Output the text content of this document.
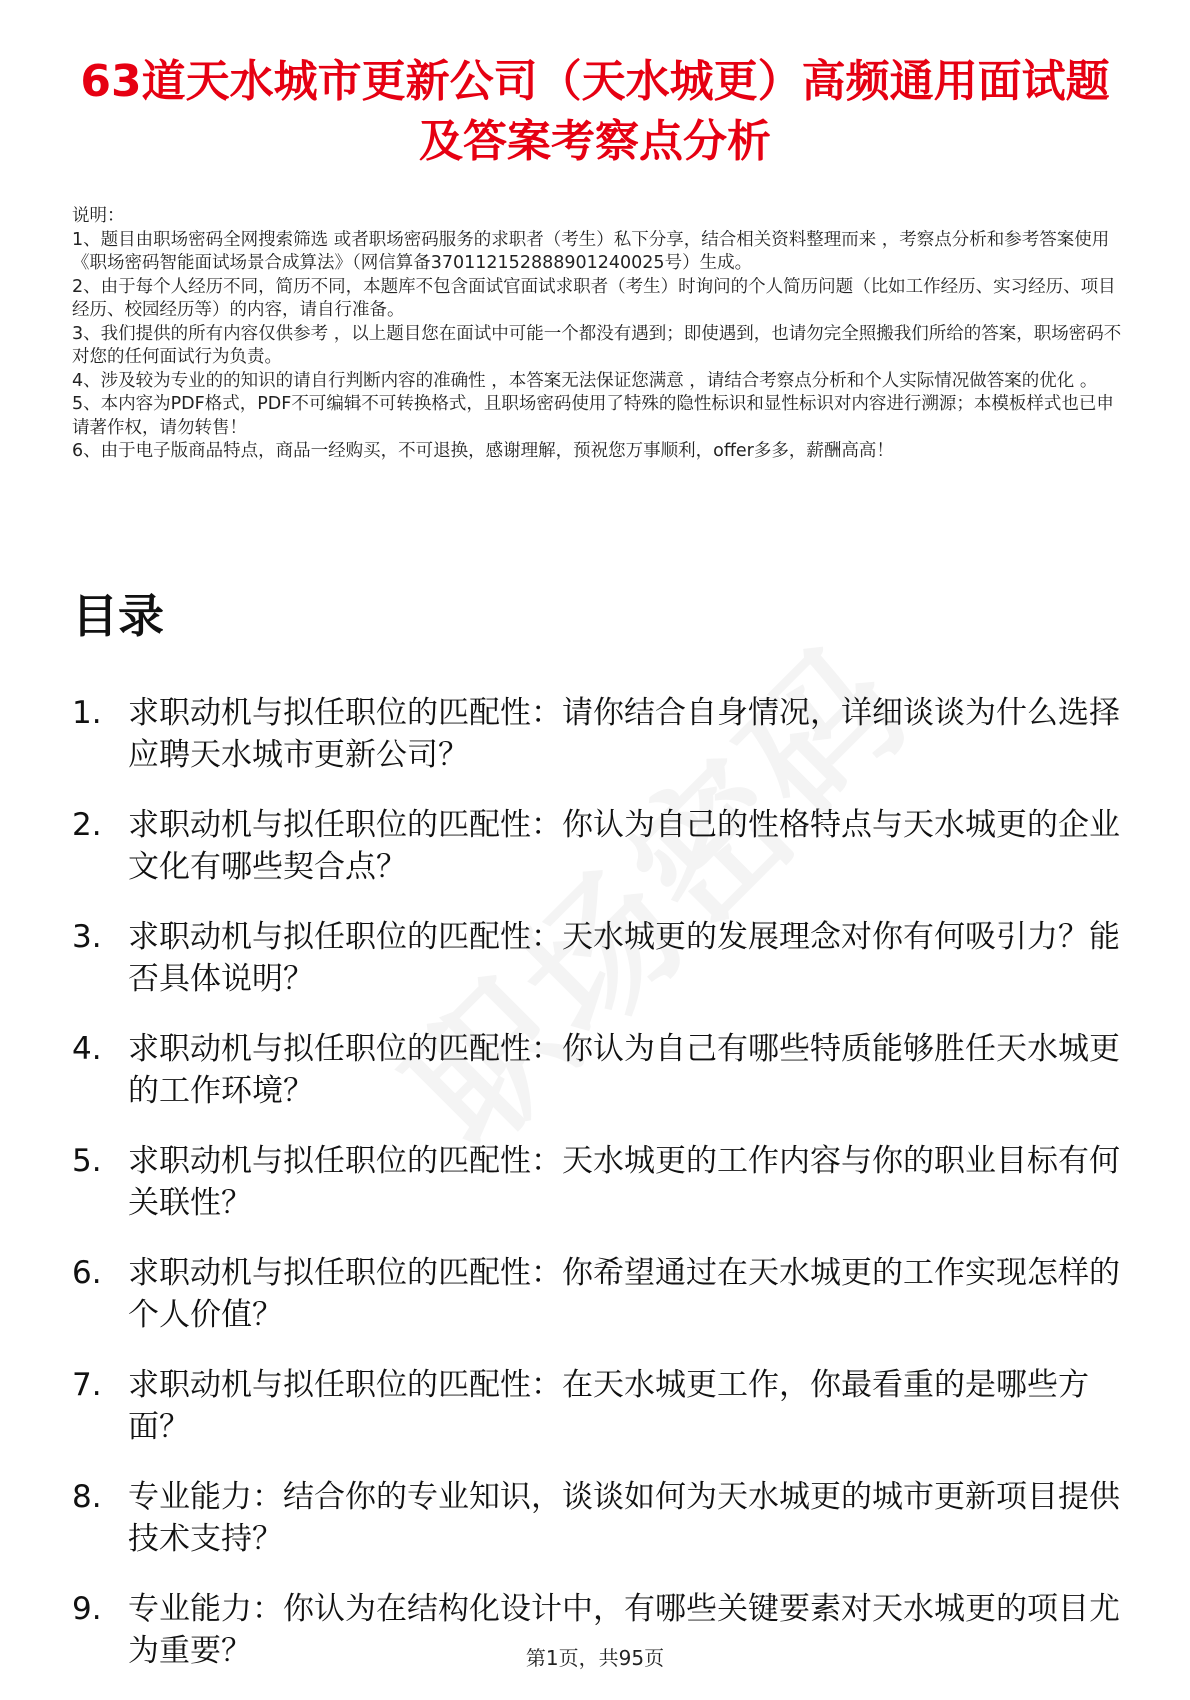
63道天水城市更新公司（天水城更）高频通用面试题及答案考察点分析

说明：

1、题目由职场密码全网搜索筛选 或者职场密码服务的求职者（考生）私下分享，结合相关资料整理而来 ，考察点分析和参考答案使用《职场密码智能面试场景合成算法》（网信算备370112152888901240025号）生成。

2、由于每个人经历不同，简历不同，本题库不包含面试官面试求职者（考生）时询问的个人简历问题（比如工作经历、实习经历、项目经历、校园经历等）的内容，请自行准备。

3、我们提供的所有内容仅供参考 ，以上题目您在面试中可能一个都没有遇到；即使遇到，也请勿完全照搬我们所给的答案，职场密码不对您的任何面试行为负责。

4、涉及较为专业的的知识的请自行判断内容的准确性 ，本答案无法保证您满意 ，请结合考察点分析和个人实际情况做答案的优化 。

5、本内容为PDF格式，PDF不可编辑不可转换格式，且职场密码使用了特殊的隐性标识和显性标识对内容进行溯源；本模板样式也已申请著作权，请勿转售！

6、由于电子版商品特点，商品一经购买，不可退换，感谢理解，预祝您万事顺利，offer多多，薪酬高高！

目录
1. 求职动机与拟任职位的匹配性：请你结合自身情况，详细谈谈为什么选择应聘天水城市更新公司？
2. 求职动机与拟任职位的匹配性：你认为自己的性格特点与天水城更的企业文化有哪些契合点？
3. 求职动机与拟任职位的匹配性：天水城更的发展理念对你有何吸引力？能否具体说明？
4. 求职动机与拟任职位的匹配性：你认为自己有哪些特质能够胜任天水城更的工作环境？
5. 求职动机与拟任职位的匹配性：天水城更的工作内容与你的职业目标有何关联性？
6. 求职动机与拟任职位的匹配性：你希望通过在天水城更的工作实现怎样的个人价值？
7. 求职动机与拟任职位的匹配性：在天水城更工作，你最看重的是哪些方面？
8. 专业能力：结合你的专业知识，谈谈如何为天水城更的城市更新项目提供技术支持？
9. 专业能力：你认为在结构化设计中，有哪些关键要素对天水城更的项目尤为重要？	第1页，共95页
